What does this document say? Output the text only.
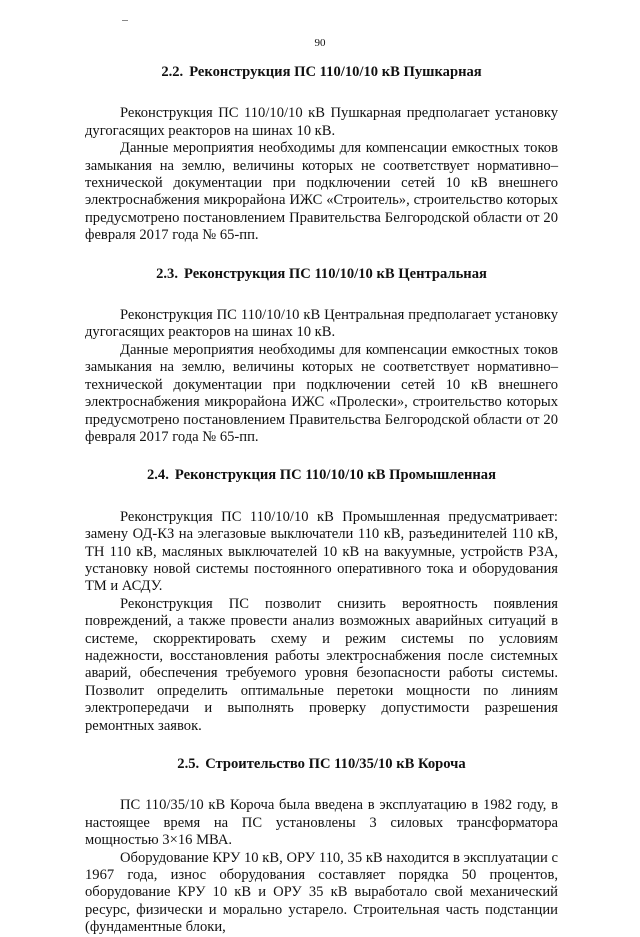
90

2.2. Реконструкция ПС 110/10/10 кВ Пушкарная

Реконструкция ПС 110/10/10 кВ Пушкарная предполагает установку дугогасящих реакторов на шинах 10 кВ.

Данные мероприятия необходимы для компенсации емкостных токов замыкания на землю, величины которых не соответствует нормативно–технической документации при подключении сетей 10 кВ внешнего электроснабжения микрорайона ИЖС «Строитель», строительство которых предусмотрено постановлением Правительства Белгородской области от 20 февраля 2017 года № 65-пп.

2.3. Реконструкция ПС 110/10/10 кВ Центральная

Реконструкция ПС 110/10/10 кВ Центральная предполагает установку дугогасящих реакторов на шинах 10 кВ.

Данные мероприятия необходимы для компенсации емкостных токов замыкания на землю, величины которых не соответствует нормативно–технической документации при подключении сетей 10 кВ внешнего электроснабжения микрорайона ИЖС «Пролески», строительство которых предусмотрено постановлением Правительства Белгородской области от 20 февраля 2017 года № 65-пп.

2.4. Реконструкция ПС 110/10/10 кВ Промышленная

Реконструкция ПС 110/10/10 кВ Промышленная предусматривает: замену ОД-КЗ на элегазовые выключатели 110 кВ, разъединителей 110 кВ, ТН 110 кВ, масляных выключателей 10 кВ на вакуумные, устройств РЗА, установку новой системы постоянного оперативного тока и оборудования ТМ и АСДУ.

Реконструкция ПС позволит снизить вероятность появления повреждений, а также провести анализ возможных аварийных ситуаций в системе, скорректировать схему и режим системы по условиям надежности, восстановления работы электроснабжения после системных аварий, обеспечения требуемого уровня безопасности работы системы. Позволит определить оптимальные перетоки мощности по линиям электропередачи и выполнять проверку допустимости разрешения ремонтных заявок.

2.5. Строительство ПС 110/35/10 кВ Короча

ПС 110/35/10 кВ Короча была введена в эксплуатацию в 1982 году, в настоящее время на ПС установлены 3 силовых трансформатора мощностью 3×16 МВА.

Оборудование КРУ 10 кВ, ОРУ 110, 35 кВ находится в эксплуатации с 1967 года, износ оборудования составляет порядка 50 процентов, оборудование КРУ 10 кВ и ОРУ 35 кВ выработало свой механический ресурс, физически и морально устарело. Строительная часть подстанции (фундаментные блоки,
